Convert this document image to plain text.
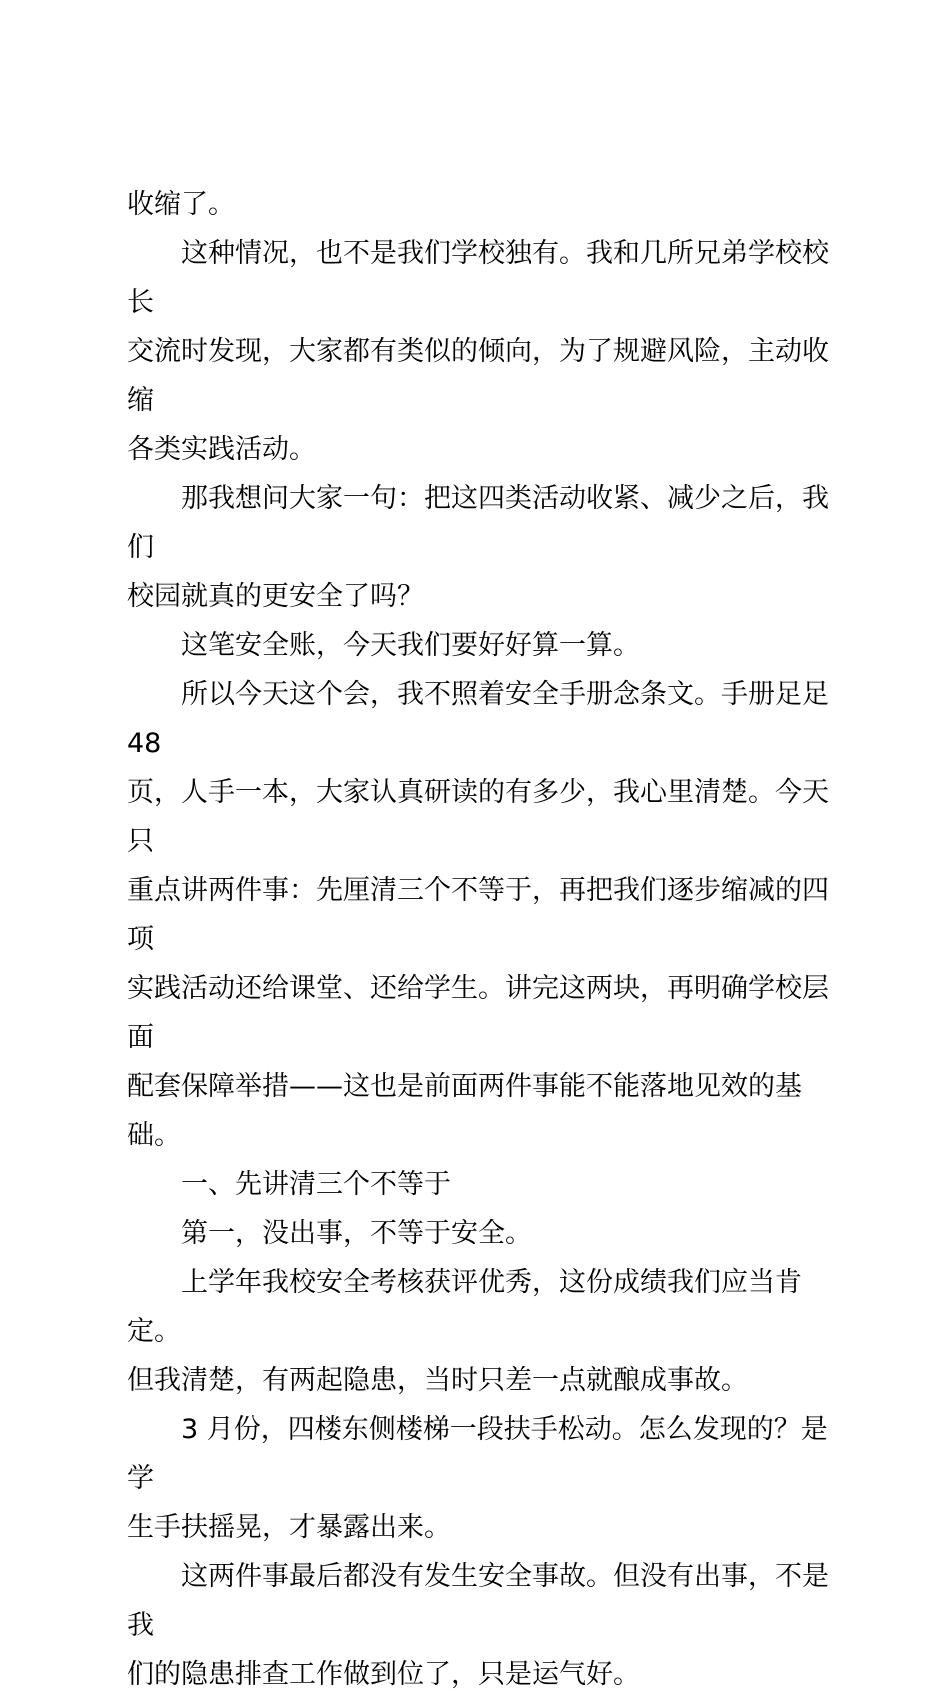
收缩了。

这种情况，也不是我们学校独有。我和几所兄弟学校校长
交流时发现，大家都有类似的倾向，为了规避风险，主动收缩
各类实践活动。

那我想问大家一句：把这四类活动收紧、减少之后，我们
校园就真的更安全了吗？

这笔安全账，今天我们要好好算一算。

所以今天这个会，我不照着安全手册念条文。手册足足 48
页，人手一本，大家认真研读的有多少，我心里清楚。今天只
重点讲两件事：先厘清三个不等于，再把我们逐步缩减的四项
实践活动还给课堂、还给学生。讲完这两块，再明确学校层面
配套保障举措——这也是前面两件事能不能落地见效的基础。

一、先讲清三个不等于

第一，没出事，不等于安全。

上学年我校安全考核获评优秀，这份成绩我们应当肯定。
但我清楚，有两起隐患，当时只差一点就酿成事故。

3 月份，四楼东侧楼梯一段扶手松动。怎么发现的？是学
生手扶摇晃，才暴露出来。

这两件事最后都没有发生安全事故。但没有出事，不是我
们的隐患排查工作做到位了，只是运气好。
